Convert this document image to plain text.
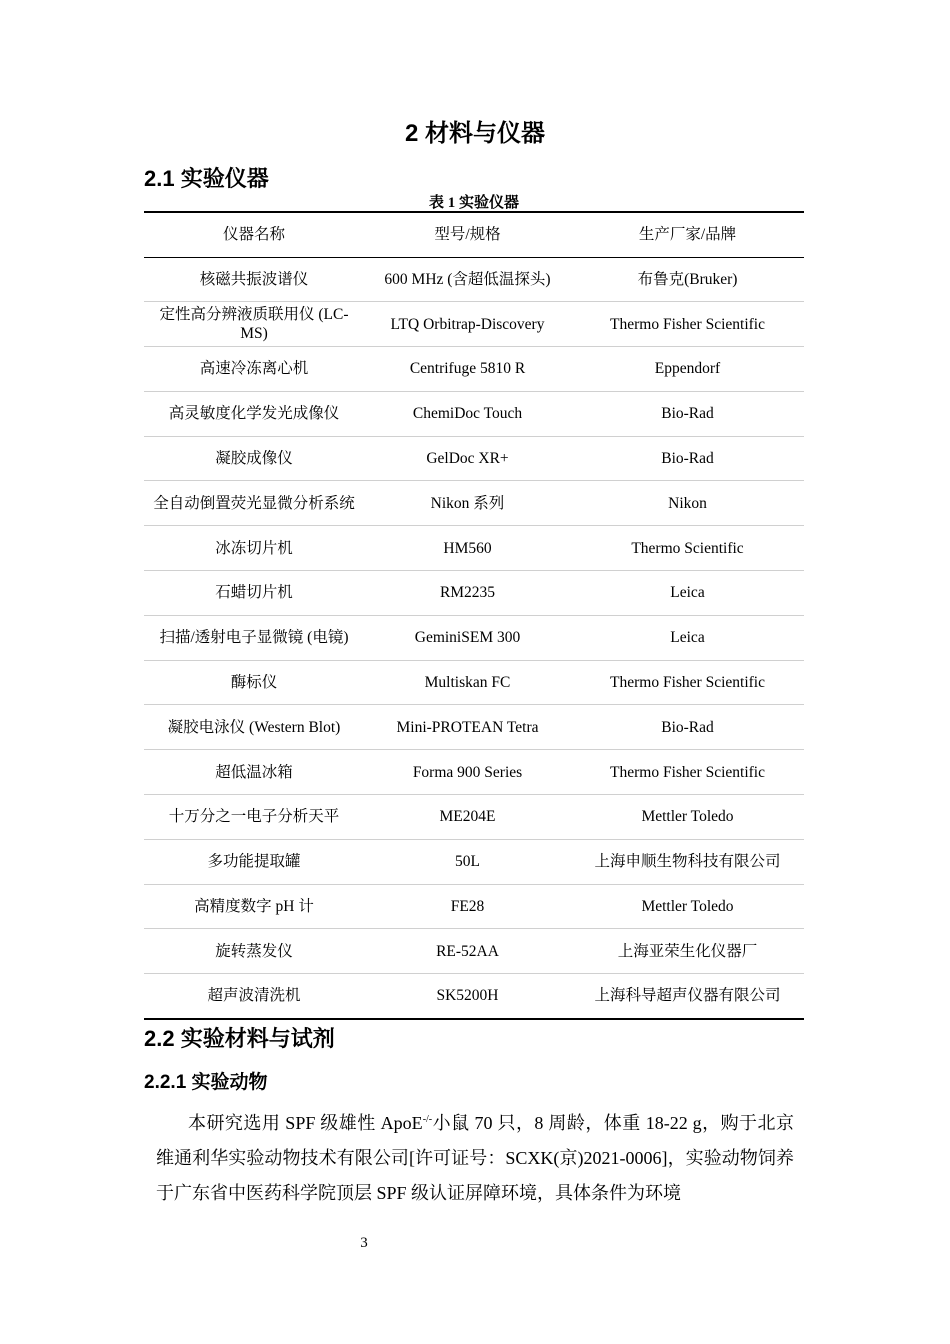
2 材料与仪器
2.1 实验仪器
表 1 实验仪器
仪器名称	型号/规格	生产厂家/品牌
核磁共振波谱仪	600 MHz (含超低温探头)	布鲁克(Bruker)
定性高分辨液质联用仪 (LC-MS)	LTQ Orbitrap-Discovery	Thermo Fisher Scientific
高速冷冻离心机	Centrifuge 5810 R	Eppendorf
高灵敏度化学发光成像仪	ChemiDoc Touch	Bio-Rad
凝胶成像仪	GelDoc XR+	Bio-Rad
全自动倒置荧光显微分析系统	Nikon 系列	Nikon
冰冻切片机	HM560	Thermo Scientific
石蜡切片机	RM2235	Leica
扫描/透射电子显微镜 (电镜)	GeminiSEM 300	Leica
酶标仪	Multiskan FC	Thermo Fisher Scientific
凝胶电泳仪 (Western Blot)	Mini-PROTEAN Tetra	Bio-Rad
超低温冰箱	Forma 900 Series	Thermo Fisher Scientific
十万分之一电子分析天平	ME204E	Mettler Toledo
多功能提取罐	50L	上海申顺生物科技有限公司
高精度数字 pH 计	FE28	Mettler Toledo
旋转蒸发仪	RE-52AA	上海亚荣生化仪器厂
超声波清洗机	SK5200H	上海科导超声仪器有限公司
2.2 实验材料与试剂
2.2.1 实验动物

本研究选用 SPF 级雄性 ApoE-/-小鼠 70 只，8 周龄，体重 18-22 g，购于北京维通利华实验动物技术有限公司[许可证号：SCXK(京)2021-0006]，实验动物饲养于广东省中医药科学院顶层 SPF 级认证屏障环境，具体条件为环境

3
